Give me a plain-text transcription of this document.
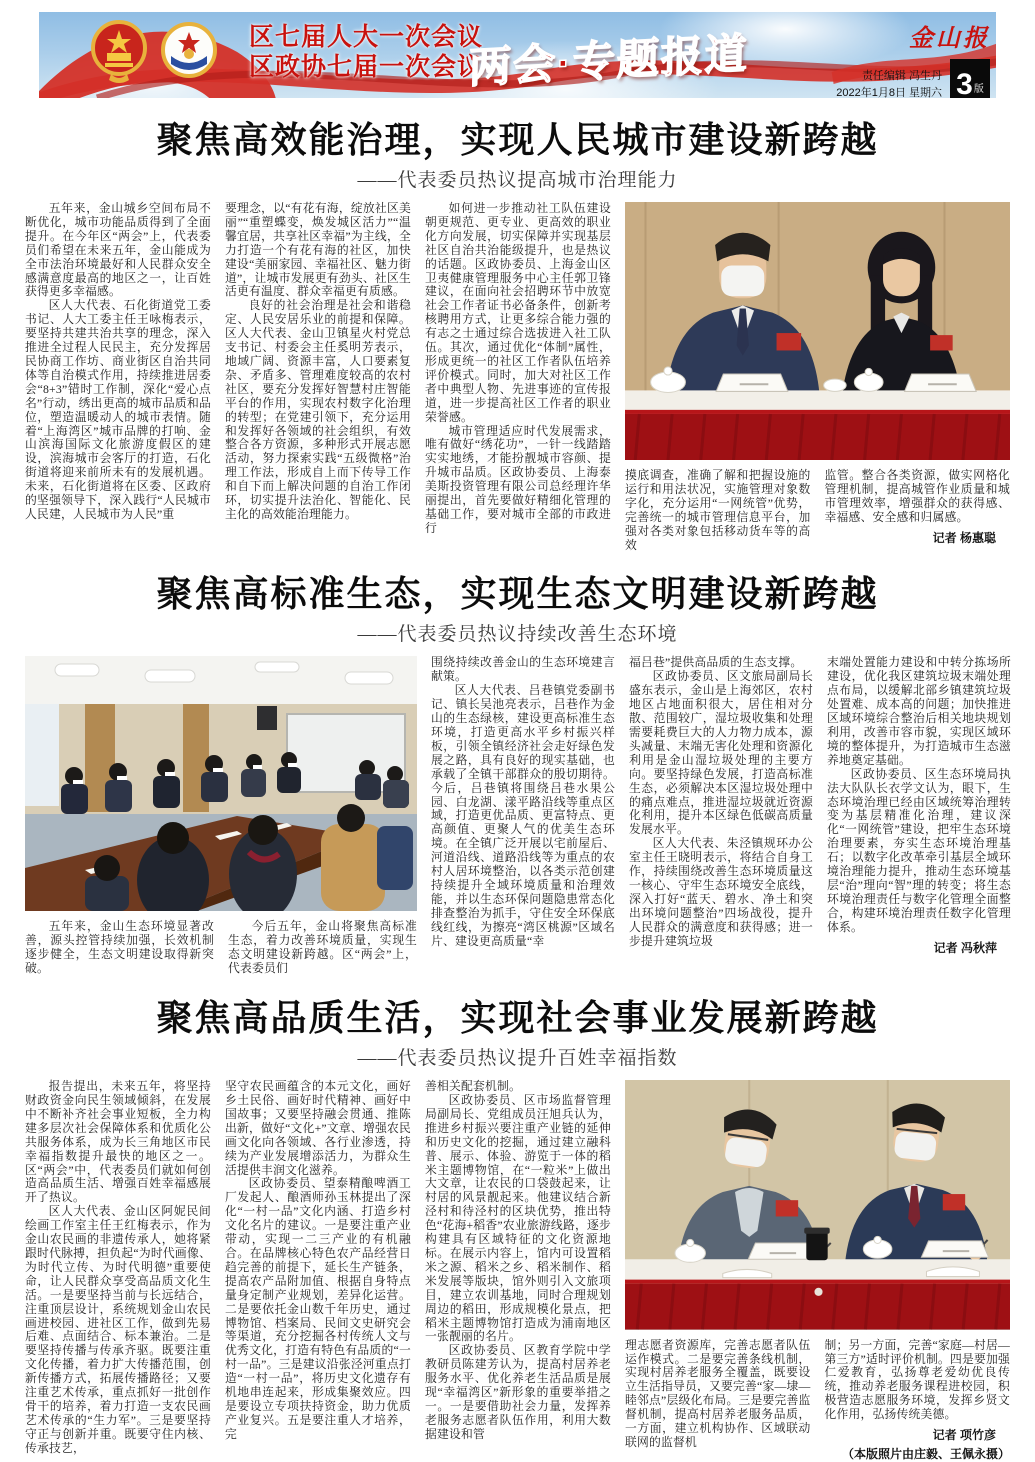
区七届人大一次会议
区政协七届一次会议
两会·专题报道	金山报
责任编辑 冯生丹
2022年1月8日 星期六 3 版
聚焦高效能治理，实现人民城市建设新跨越
——代表委员热议提高城市治理能力

五年来，金山城乡空间布局不断优化，城市功能品质得到了全面提升。在今年区“两会”上，代表委员们希望在未来五年，金山能成为全市法治环境最好和人民群众安全感满意度最高的地区之一，让百姓获得更多幸福感。

区人大代表、石化街道党工委书记、人大工委主任王咏梅表示，要坚持共建共治共享的理念，深入推进全过程人民民主，充分发挥居民协商工作坊、商业街区自治共同体等自治模式作用，持续推进居委会“8+3”错时工作制，深化“爱心点名”行动，绣出更高的城市品质和品位，塑造温暖动人的城市表情。随着“上海湾区”城市品牌的打响、金山滨海国际文化旅游度假区的建设，滨海城市会客厅的打造，石化街道将迎来前所未有的发展机遇。未来，石化街道将在区委、区政府的坚强领导下，深入践行“人民城市人民建，人民城市为人民”重

要理念，以“有花有海，绽放社区美丽”“重塑蝶变，焕发城区活力”“温馨宜居，共享社区幸福”为主线，全力打造一个有花有海的社区，加快建设“美丽家园、幸福社区、魅力街道”，让城市发展更有劲头、社区生活更有温度、群众幸福更有质感。

良好的社会治理是社会和谐稳定、人民安居乐业的前提和保障。区人大代表、金山卫镇星火村党总支书记、村委会主任奚明芳表示，地域广阔、资源丰富，人口要素复杂、矛盾多、管理难度较高的农村社区，要充分发挥好智慧村庄智能平台的作用，实现农村数字化治理的转型；在党建引领下，充分运用和发挥好各领域的社会组织，有效整合各方资源，多种形式开展志愿活动，努力探索实践“五级微格”治理工作法，形成自上而下传导工作和自下而上解决问题的自治工作闭环，切实提升法治化、智能化、民主化的高效能治理能力。

如何进一步推动社工队伍建设朝更规范、更专业、更高效的职业化方向发展，切实保障并实现基层社区自治共治能级提升，也是热议的话题。区政协委员、上海金山区卫夷健康管理服务中心主任郭卫锋建议，在面向社会招聘环节中放宽社会工作者证书必备条件，创新考核聘用方式，让更多综合能力强的有志之士通过综合选拔进入社工队伍。其次，通过优化“体制”属性，形成更统一的社区工作者队伍培养评价模式。同时，加大对社区工作者中典型人物、先进事迹的宣传报道，进一步提高社区工作者的职业荣誉感。

城市管理适应时代发展需求，唯有做好“绣花功”，一针一线踏踏实实地绣，才能扮靓城市容颜、提升城市品质。区政协委员、上海泰美斯投资管理有限公司总经理许华丽提出，首先要做好精细化管理的基础工作，要对城市全部的市政进行

摸底调查，准确了解和把握设施的运行和用法状况，实施管理对象数字化，充分运用“一网统管”优势，完善统一的城市管理信息平台，加强对各类对象包括移动货车等的高效

监管。整合各类资源，做实网格化管理机制，提高城管作业质量和城市管理效率，增强群众的获得感、幸福感、安全感和归属感。

记者 杨惠聪
聚焦高标准生态，实现生态文明建设新跨越
——代表委员热议持续改善生态环境

五年来，金山生态环境显著改善，源头控管持续加强，长效机制逐步健全，生态文明建设取得新突破。

今后五年，金山将聚焦高标准生态，着力改善环境质量，实现生态文明建设新跨越。区“两会”上，代表委员们

围绕持续改善金山的生态环境建言献策。

区人大代表、吕巷镇党委副书记、镇长吴池亮表示，吕巷作为金山的生态绿核，建设更高标准生态环境，打造更高水平乡村振兴样板，引领全镇经济社会走好绿色发展之路，具有良好的现实基础，也承载了全镇干部群众的殷切期待。今后，吕巷镇将围绕吕巷水果公园、白龙湖、漾平路沿线等重点区域，打造更优品质、更富特点、更高颜值、更聚人气的优美生态环境。在全镇广泛开展以宅前屋后、河道沿线、道路沿线等为重点的农村人居环境整治，以各类示范创建持续提升全域环境质量和治理效能，并以生态环保问题隐患常态化排查整治为抓手，守住安全环保底线红线，为擦亮“湾区桃源”区域名片、建设更高质量“幸

福吕巷”提供高品质的生态支撑。

区政协委员、区文旅局副局长盛东表示，金山是上海郊区，农村地区占地面积很大，居住相对分散、范围较广，湿垃圾收集和处理需要耗费巨大的人力物力成本，源头减量、末端无害化处理和资源化利用是金山湿垃圾处理的主要方向。要坚持绿色发展，打造高标准生态，必须解决本区湿垃圾处理中的痛点难点，推进湿垃圾就近资源化利用，提升本区绿色低碳高质量发展水平。

区人大代表、朱泾镇规环办公室主任王晓明表示，将结合自身工作，持续围绕改善生态环境质量这一核心、守牢生态环境安全底线，深入打好“蓝天、碧水、净土和突出环境问题整治”四场战役，提升人民群众的满意度和获得感；进一步提升建筑垃圾

末端处置能力建设和中转分拣场所建设，优化我区建筑垃圾末端处理点布局，以缓解北部乡镇建筑垃圾处置难、成本高的问题；加快推进区域环境综合整治后相关地块规划利用，改善市容市貌，实现区域环境的整体提升，为打造城市生态滋养地奠定基础。

区政协委员、区生态环境局执法大队队长衣学文认为，眼下，生态环境治理已经由区域统筹治理转变为基层精准化治理，建议深化“一网统管”建设，把牢生态环境治理要素，夯实生态环境治理基石；以数字化改革牵引基层全域环境治理能力提升，推动生态环境基层“治”理向“智”理的转变；将生态环境治理责任与数字化管理全面整合，构建环境治理责任数字化管理体系。

记者 冯秋萍
聚焦高品质生活，实现社会事业发展新跨越
——代表委员热议提升百姓幸福指数

报告提出，未来五年，将坚持财政资金向民生领域倾斜，在发展中不断补齐社会事业短板，全力构建多层次社会保障体系和优质化公共服务体系，成为长三角地区市民幸福指数提升最快的地区之一。区“两会”中，代表委员们就如何创造高品质生活、增强百姓幸福感展开了热议。

区人大代表、金山区阿妮民间绘画工作室主任王红梅表示，作为金山农民画的非遗传承人，她将紧跟时代脉搏，担负起“为时代画像、为时代立传、为时代明德”重要使命，让人民群众享受高品质文化生活。一是要坚持当前与长远结合，注重顶层设计，系统规划金山农民画进校园、进社区工作，做到先易后难、点面结合、标本兼治。二是要坚持传播与传承齐驱。既要注重文化传播，着力扩大传播范围，创新传播方式，拓展传播路径；又要注重艺术传承，重点抓好一批创作骨干的培养，着力打造一支农民画艺术传承的“生力军”。三是要坚持守正与创新并重。既要守住内核、传承技艺，

坚守农民画蕴含的本元文化，画好乡土民俗、画好时代精神、画好中国故事；又要坚持融会贯通、推陈出新，做好“文化+”文章、增强农民画文化向各领域、各行业渗透，持续为产业发展增添活力，为群众生活提供丰润文化滋养。

区政协委员、望泰精酿啤酒工厂发起人、酿酒师孙玉林提出了深化“一村一品”文化内涵、打造乡村文化名片的建议。一是要注重产业带动，实现一二三产业的有机融合。在品牌核心特色农产品经营日趋完善的前提下，延长生产链条，提高农产品附加值、根据自身特点量身定制产业规划，差异化运营。二是要依托金山数千年历史，通过博物馆、档案局、民间文史研究会等渠道，充分挖掘各村传统人文与优秀文化，打造有特色有品质的“一村一品”。三是建议沿张泾河重点打造“一村一品”，将历史文化遗存有机地串连起来，形成集聚效应。四是要设立专项扶持资金，助力优质产业复兴。五是要注重人才培养，完

善相关配套机制。

区政协委员、区市场监督管理局副局长、党组成员汪旭兵认为，推进乡村振兴要注重产业链的延伸和历史文化的挖掘，通过建立融科普、展示、体验、游览于一体的稻米主题博物馆，在“一粒米”上做出大文章，让农民的口袋鼓起来，让村居的风景靓起来。他建议结合新泾村和待泾村的区块优势，推出特色“花海+稻香”农业旅游线路，逐步构建具有区域特征的文化资源地标。在展示内容上，馆内可设置稻米之源、稻米之乡、稻米制作、稻米发展等版块，馆外则引入文旅项目，建立农训基地，同时合理规划周边的稻田，形成规模化景点，把稻米主题博物馆打造成为浦南地区一张靓丽的名片。

区政协委员、区教育学院中学教研员陈建芳认为，提高村居养老服务水平、优化养老生活品质是展现“幸福湾区”新形象的重要举措之一。一是要借助社会力量，发挥养老服务志愿者队伍作用，利用大数据建设和管

理志愿者资源库，完善志愿者队伍运作模式。二是要完善条线机制，实现村居养老服务全覆盖，既要设立生活指导员，又要完善“家—埭—睦邻点”层级化布局。三是要完善监督机制，提高村居养老服务品质，一方面，建立机构协作、区域联动联网的监督机

制；另一方面，完善“家庭—村居—第三方”适时评价机制。四是要加强仁爱教育，弘扬尊老爱幼优良传统，推动养老服务课程进校园，积极营造志愿服务环境，发挥乡贤文化作用，弘扬传统美德。

记者 项竹彦
（本版照片由庄毅、王佩永摄）
